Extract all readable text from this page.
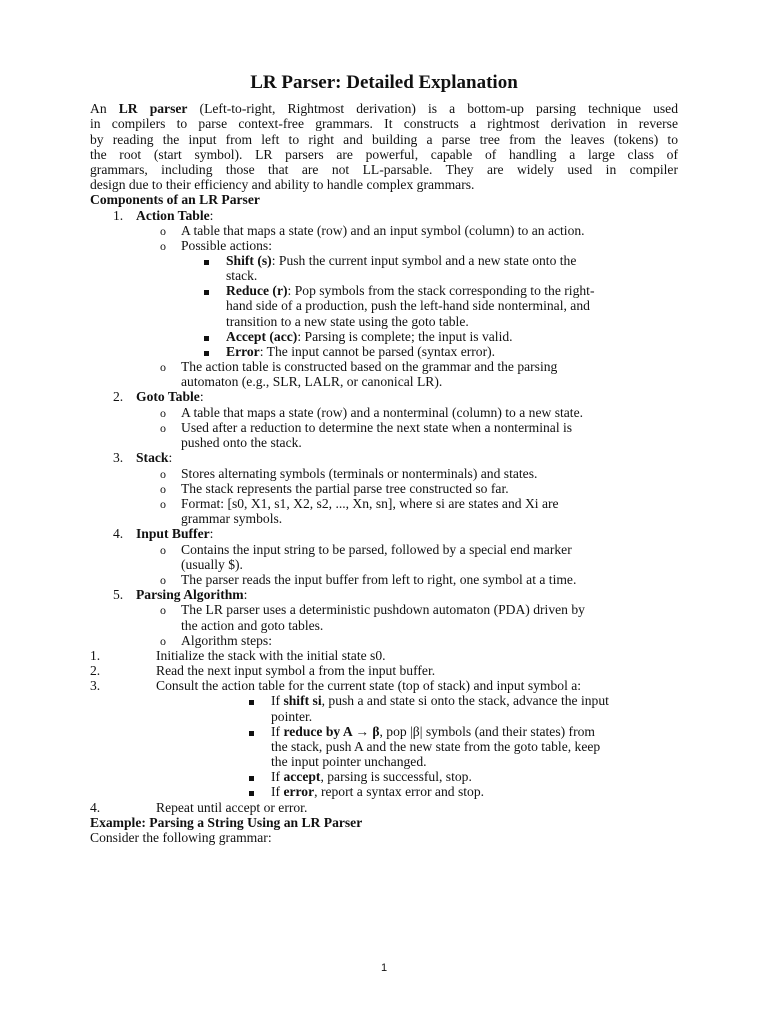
LR Parser: Detailed Explanation
An LR parser (Left-to-right, Rightmost derivation) is a bottom-up parsing technique used
in compilers to parse context-free grammars. It constructs a rightmost derivation in reverse
by reading the input from left to right and building a parse tree from the leaves (tokens) to
the root (start symbol). LR parsers are powerful, capable of handling a large class of
grammars, including those that are not LL-parsable. They are widely used in compiler
design due to their efficiency and ability to handle complex grammars.
Components of an LR Parser
1. Action Table:
o A table that maps a state (row) and an input symbol (column) to an action.
o Possible actions:
Shift (s): Push the current input symbol and a new state onto the
stack.
Reduce (r): Pop symbols from the stack corresponding to the right-
hand side of a production, push the left-hand side nonterminal, and
transition to a new state using the goto table.
Accept (acc): Parsing is complete; the input is valid.
Error: The input cannot be parsed (syntax error).
o The action table is constructed based on the grammar and the parsing
automaton (e.g., SLR, LALR, or canonical LR).
2. Goto Table:
o A table that maps a state (row) and a nonterminal (column) to a new state.
o Used after a reduction to determine the next state when a nonterminal is
pushed onto the stack.
3. Stack:
o Stores alternating symbols (terminals or nonterminals) and states.
o The stack represents the partial parse tree constructed so far.
o Format: [s0, X1, s1, X2, s2, ..., Xn, sn], where si are states and Xi are
grammar symbols.
4. Input Buffer:
o Contains the input string to be parsed, followed by a special end marker
(usually $).
o The parser reads the input buffer from left to right, one symbol at a time.
5. Parsing Algorithm:
o The LR parser uses a deterministic pushdown automaton (PDA) driven by
the action and goto tables.
o Algorithm steps:
1.	Initialize the stack with the initial state s0.
2.	Read the next input symbol a from the input buffer.
3.	Consult the action table for the current state (top of stack) and input symbol a:
If shift si, push a and state si onto the stack, advance the input
pointer.
If reduce by A → β, pop |β| symbols (and their states) from
the stack, push A and the new state from the goto table, keep
the input pointer unchanged.
If accept, parsing is successful, stop.
If error, report a syntax error and stop.
4.	Repeat until accept or error.
Example: Parsing a String Using an LR Parser
Consider the following grammar:
1
